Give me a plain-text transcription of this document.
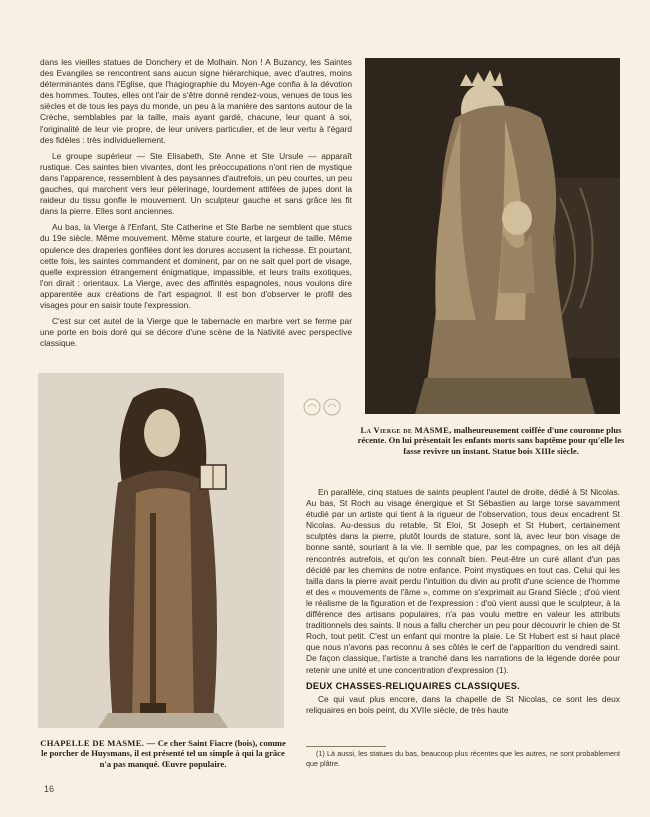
dans les vieilles statues de Donchery et de Molhain. Non ! A Buzancy, les Saintes des Evangiles se rencontrent sans aucun signe hiérarchique, avec d'autres, moins déterminantes dans l'Eglise, que l'hagiographie du Moyen-Age confia à la dévotion des hommes. Toutes, elles ont l'air de s'être donné rendez-vous, venues de tous les siècles et de tous les pays du monde, un peu à la manière des santons autour de la Crèche, semblables par la taille, mais ayant gardé, chacune, leur quant à soi, l'originalité de leur vie propre, de leur univers particulier, et de leur vertu à l'égard des fidèles : très individuellement.

Le groupe supérieur — Ste Elisabeth, Ste Anne et Ste Ursule — apparaît rustique. Ces saintes bien vivantes, dont les préoccupations n'ont rien de mystique dans l'apparence, ressemblent à des paysannes d'autrefois, un peu courtes, un peu gauches, qui marchent vers leur pèlerinage, lourdement attifées de jupes dont la raideur du tissu gonfle le mouvement. Un sculpteur gauche et sans grâce les fit dans la pierre. Elles sont anciennes.

Au bas, la Vierge à l'Enfant, Ste Catherine et Ste Barbe ne semblent que stucs du 19e siècle. Même mouvement. Même stature courte, et largeur de taille. Même opulence des draperies gonflées dont les dorures accusent la richesse. Et pourtant, cette fois, les saintes commandent et dominent, par on ne sait quel port de visage, quelle expression étrangement énigmatique, impassible, et leurs traits exotiques, l'on dirait : orientaux. La Vierge, avec des affinités espagnoles, nous voulons dire apparentée aux créations de l'art espagnol. Il est bon d'observer le profil des visages pour en saisir toute l'expression.

C'est sur cet autel de la Vierge que le tabernacle en marbre vert se ferme par une porte en bois doré qui se décore d'une scène de la Nativité avec perspective classique.

La Vierge de MASME, malheureusement coiffée d'une couronne plus récente. On lui présentait les enfants morts sans baptême pour qu'elle les fasse revivre un instant. Statue bois XIIIe siècle.
CHAPELLE DE MASME. — Ce cher Saint Fiacre (bois), comme le porcher de Huysmans, il est présenté tel un simple à qui la grâce n'a pas manqué. Œuvre populaire.

En parallèle, cinq statues de saints peuplent l'autel de droite, dédié à St Nicolas. Au bas, St Roch au visage énergique et St Sébastien au large torse savamment étudié par un artiste qui tient à la rigueur de l'observation, tous deux encadrent St Nicolas. Au-dessus du retable, St Eloi, St Joseph et St Hubert, certainement sculptés dans la pierre, plutôt lourds de stature, sont là, avec leur bon visage de bonne santé, souriant à la vie. Il semble que, par les compagnes, on les ait déjà rencontrés autrefois, et qu'on les connaît bien. Peut-être un curé allant d'un pas décidé par les chemins de notre enfance. Point mystiques en tout cas. Celui qui les tailla dans la pierre avait perdu l'intuition du divin au profit d'une science de l'homme et des « mouvements de l'âme », comme on s'exprimait au Grand Siècle ; d'où vient le réalisme de la figuration et de l'expression : d'où vient aussi que le sculpteur, à la différence des artisans populaires, n'a pas voulu mettre en valeur les attributs traditionnels des saints. Il nous a fallu chercher un peu pour découvrir le chien de St Roch, tout petit. C'est un enfant qui montre la plaie. Le St Hubert est si haut placé que nous n'avons pas reconnu à ses côtés le cerf de l'apparition du vendredi saint. De façon classique, l'artiste a tranché dans les narrations de la légende dorée pour retenir une unité et une concentration d'expression (1).

DEUX CHASSES-RELIQUAIRES CLASSIQUES.

Ce qui vaut plus encore, dans la chapelle de St Nicolas, ce sont les deux reliquaires en bois peint, du XVIIe siècle, de très haute

(1) Là aussi, les statues du bas, beaucoup plus récentes que les autres, ne sont probablement que plâtre.
16
